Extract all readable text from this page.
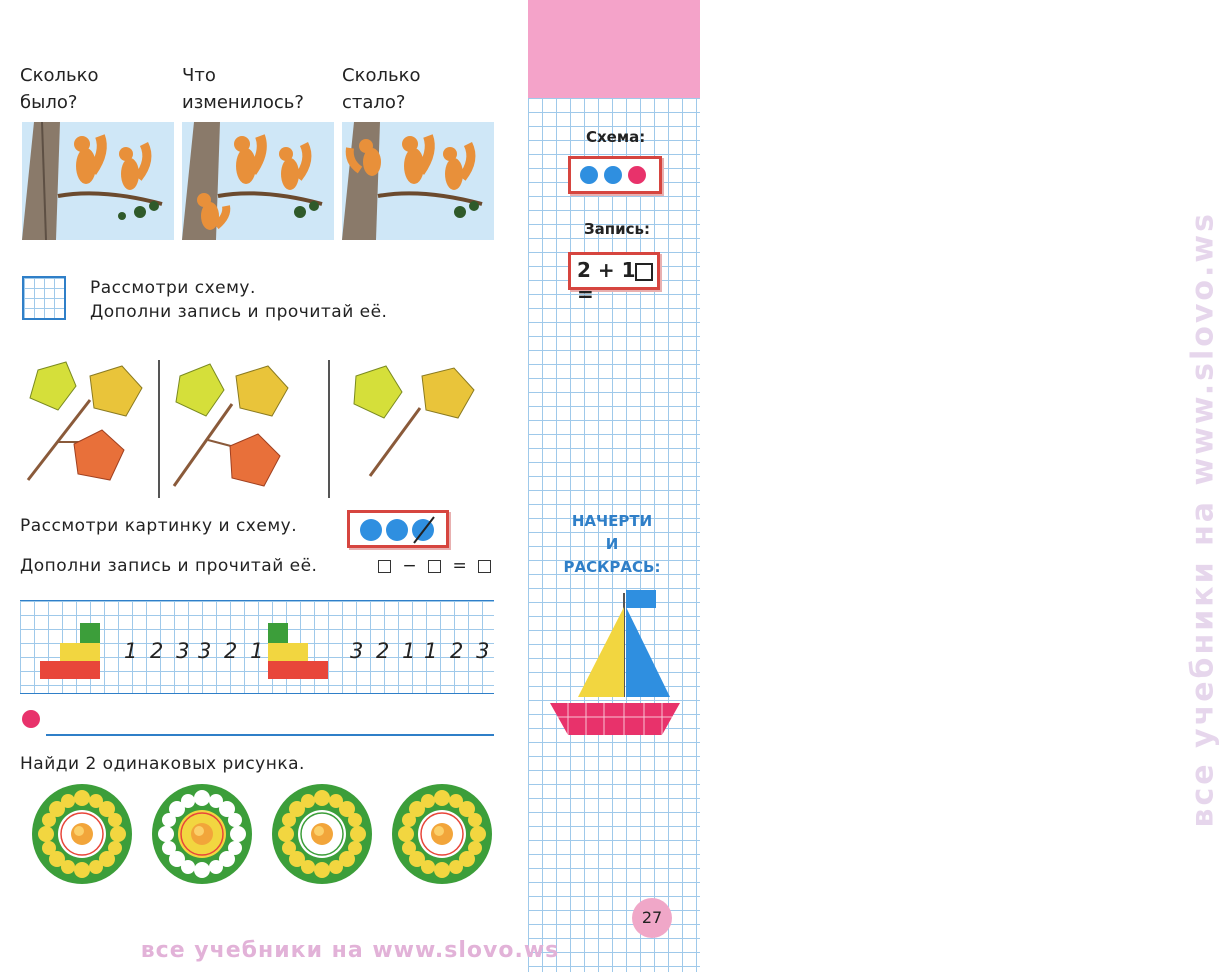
Схема:
Запись:
2 + 1 =
НАЧЕРТИ
И
РАСКРАСЬ:	все учебники на www.slovo.ws
Сколько
было?
Что
изменилось?
Сколько
стало?
Рассмотри схему.
Дополни запись и прочитай её.
Рассмотри картинку и схему.
Дополни запись и прочитай её.	− =
1 2 3 3 2 1	3 2 1 1 2 3
Найди 2 одинаковых рисунка.
27
все учебники на www.slovo.ws
